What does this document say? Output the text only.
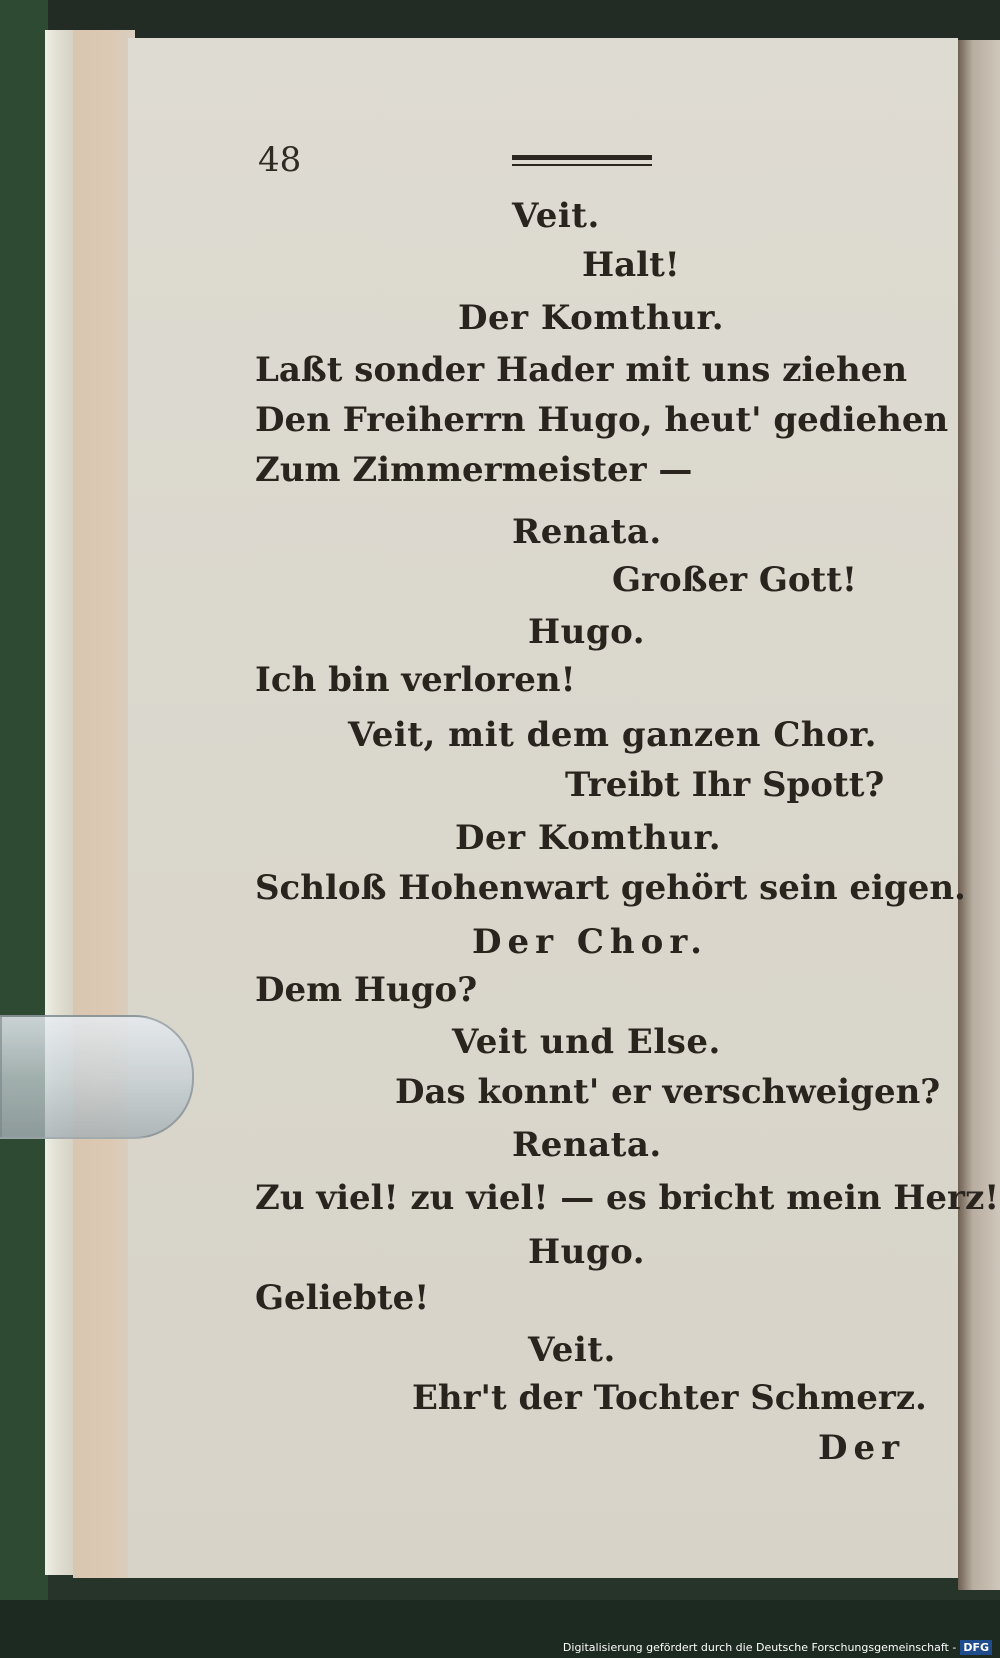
48
Veit.
Halt!
Der Komthur.
Laßt sonder Hader mit uns ziehen
Den Freiherrn Hugo, heut' gediehen
Zum Zimmermeister —
Renata.
Großer Gott!
Hugo.
Ich bin verloren!
Veit, mit dem ganzen Chor.
Treibt Ihr Spott?
Der Komthur.
Schloß Hohenwart gehört sein eigen.
Der Chor.
Dem Hugo?
Veit und Else.
Das konnt' er verschweigen?
Renata.
Zu viel! zu viel! — es bricht mein Herz!
Hugo.
Geliebte!
Veit.
Ehr't der Tochter Schmerz.
Der
Digitalisierung gefördert durch die Deutsche Forschungsgemeinschaft - DFG
